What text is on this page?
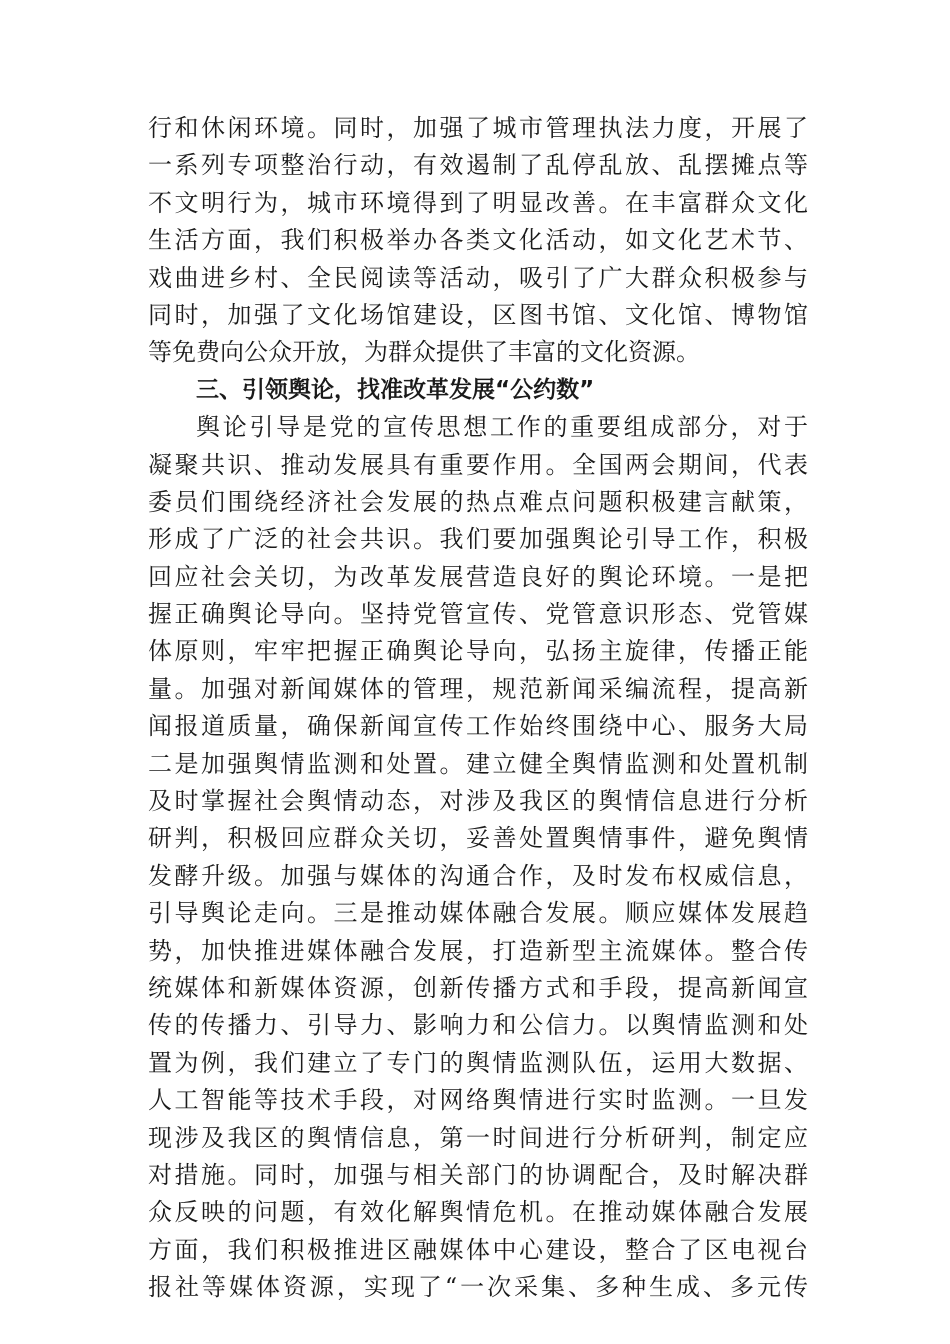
行和休闲环境。同时，加强了城市管理执法力度，开展了
一系列专项整治行动，有效遏制了乱停乱放、乱摆摊点等
不文明行为，城市环境得到了明显改善。在丰富群众文化
生活方面，我们积极举办各类文化活动，如文化艺术节、
戏曲进乡村、全民阅读等活动，吸引了广大群众积极参与
同时，加强了文化场馆建设，区图书馆、文化馆、博物馆
等免费向公众开放，为群众提供了丰富的文化资源。
三、引领舆论，找准改革发展“公约数”
舆论引导是党的宣传思想工作的重要组成部分，对于
凝聚共识、推动发展具有重要作用。全国两会期间，代表
委员们围绕经济社会发展的热点难点问题积极建言献策，
形成了广泛的社会共识。我们要加强舆论引导工作，积极
回应社会关切，为改革发展营造良好的舆论环境。一是把
握正确舆论导向。坚持党管宣传、党管意识形态、党管媒
体原则，牢牢把握正确舆论导向，弘扬主旋律，传播正能
量。加强对新闻媒体的管理，规范新闻采编流程，提高新
闻报道质量，确保新闻宣传工作始终围绕中心、服务大局
二是加强舆情监测和处置。建立健全舆情监测和处置机制
及时掌握社会舆情动态，对涉及我区的舆情信息进行分析
研判，积极回应群众关切，妥善处置舆情事件，避免舆情
发酵升级。加强与媒体的沟通合作，及时发布权威信息，
引导舆论走向。三是推动媒体融合发展。顺应媒体发展趋
势，加快推进媒体融合发展，打造新型主流媒体。整合传
统媒体和新媒体资源，创新传播方式和手段，提高新闻宣
传的传播力、引导力、影响力和公信力。以舆情监测和处
置为例，我们建立了专门的舆情监测队伍，运用大数据、
人工智能等技术手段，对网络舆情进行实时监测。一旦发
现涉及我区的舆情信息，第一时间进行分析研判，制定应
对措施。同时，加强与相关部门的协调配合，及时解决群
众反映的问题，有效化解舆情危机。在推动媒体融合发展
方面，我们积极推进区融媒体中心建设，整合了区电视台
报社等媒体资源，实现了“一次采集、多种生成、多元传
